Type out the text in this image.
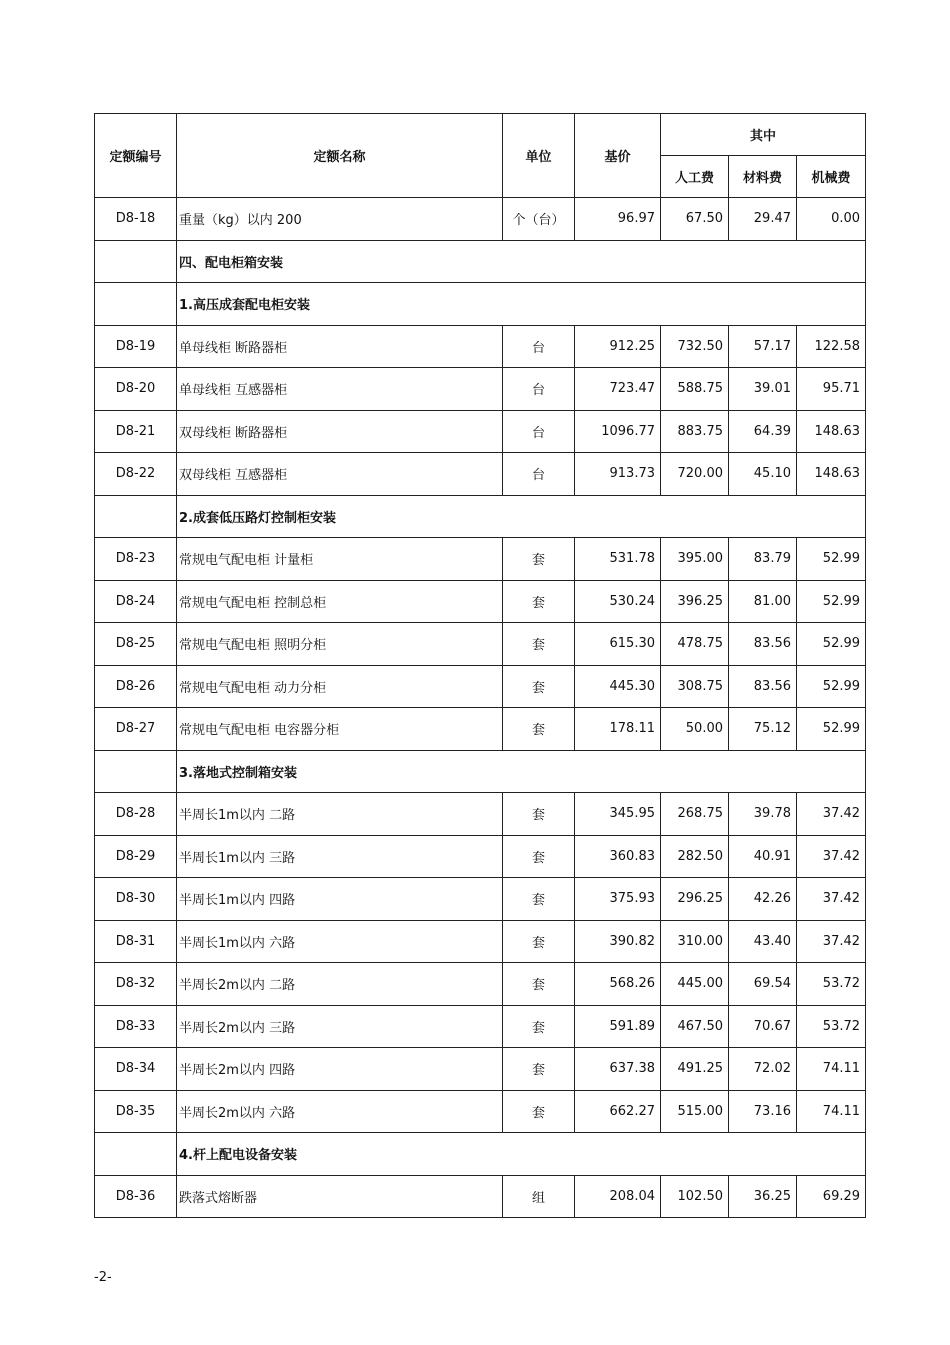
定额编号	定额名称	单位	基价	其中		
				人工费	材料费	机械费
D8-18	重量（kg）以内 200	个（台）	96.97	67.50	29.47	0.00
	四、配电柜箱安装					
	1.高压成套配电柜安装					
D8-19	单母线柜 断路器柜	台	912.25	732.50	57.17	122.58
D8-20	单母线柜 互感器柜	台	723.47	588.75	39.01	95.71
D8-21	双母线柜 断路器柜	台	1096.77	883.75	64.39	148.63
D8-22	双母线柜 互感器柜	台	913.73	720.00	45.10	148.63
	2.成套低压路灯控制柜安装					
D8-23	常规电气配电柜 计量柜	套	531.78	395.00	83.79	52.99
D8-24	常规电气配电柜 控制总柜	套	530.24	396.25	81.00	52.99
D8-25	常规电气配电柜 照明分柜	套	615.30	478.75	83.56	52.99
D8-26	常规电气配电柜 动力分柜	套	445.30	308.75	83.56	52.99
D8-27	常规电气配电柜 电容器分柜	套	178.11	50.00	75.12	52.99
	3.落地式控制箱安装					
D8-28	半周长1m以内 二路	套	345.95	268.75	39.78	37.42
D8-29	半周长1m以内 三路	套	360.83	282.50	40.91	37.42
D8-30	半周长1m以内 四路	套	375.93	296.25	42.26	37.42
D8-31	半周长1m以内 六路	套	390.82	310.00	43.40	37.42
D8-32	半周长2m以内 二路	套	568.26	445.00	69.54	53.72
D8-33	半周长2m以内 三路	套	591.89	467.50	70.67	53.72
D8-34	半周长2m以内 四路	套	637.38	491.25	72.02	74.11
D8-35	半周长2m以内 六路	套	662.27	515.00	73.16	74.11
	4.杆上配电设备安装					
D8-36	跌落式熔断器	组	208.04	102.50	36.25	69.29
-2-
